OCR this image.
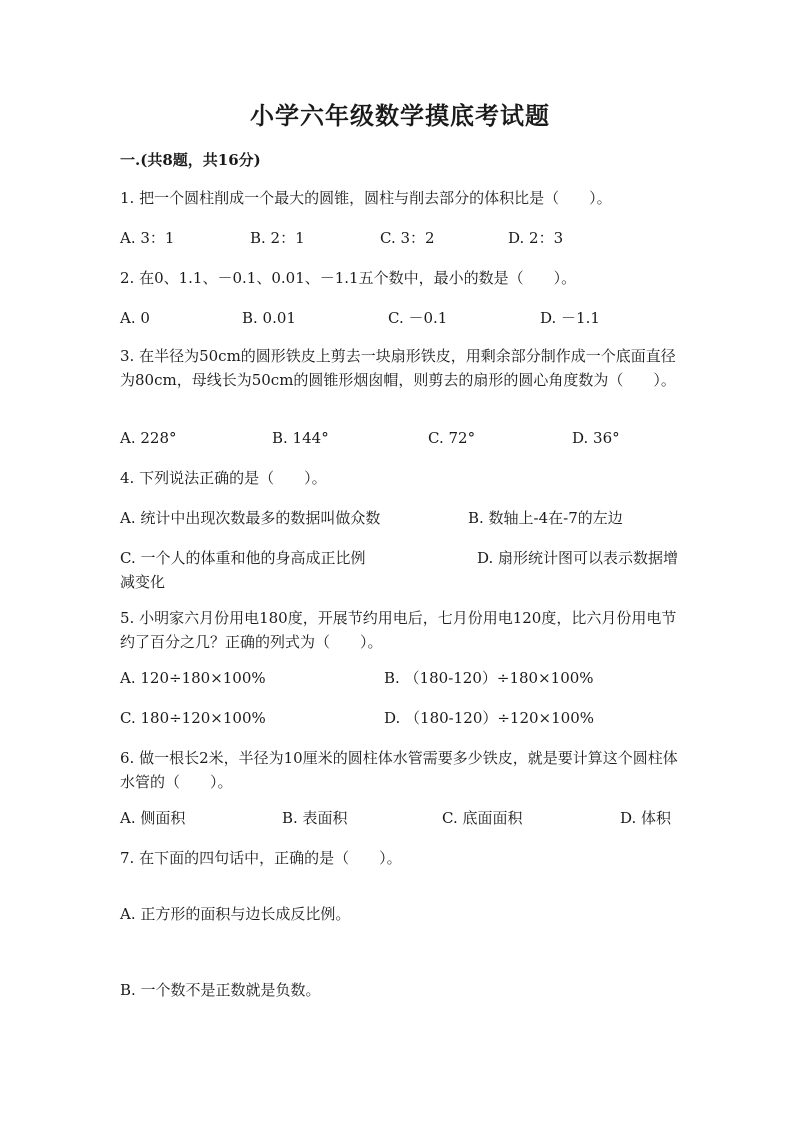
小学六年级数学摸底考试题
一.(共8题，共16分)
1. 把一个圆柱削成一个最大的圆锥，圆柱与削去部分的体积比是（　　）。
A. 3：1	B. 2：1	C. 3：2	D. 2：3
2. 在0、1.1、－0.1、0.01、－1.1五个数中，最小的数是（　　）。
A. 0	B. 0.01	C. －0.1	D. －1.1
3. 在半径为50cm的圆形铁皮上剪去一块扇形铁皮，用剩余部分制作成一个底面直径为80cm，母线长为50cm的圆锥形烟囱帽，则剪去的扇形的圆心角度数为（　　）。
A. 228°	B. 144°	C. 72°	D. 36°
4. 下列说法正确的是（　　）。
A. 统计中出现次数最多的数据叫做众数	B. 数轴上-4在-7的左边
C. 一个人的体重和他的身高成正比例	D. 扇形统计图可以表示数据增减变化
5. 小明家六月份用电180度，开展节约用电后，七月份用电120度，比六月份用电节约了百分之几？正确的列式为（　　）。
A. 120÷180×100%	B. （180-120）÷180×100%
C. 180÷120×100%	D. （180-120）÷120×100%
6. 做一根长2米，半径为10厘米的圆柱体水管需要多少铁皮，就是要计算这个圆柱体水管的（　　）。
A. 侧面积	B. 表面积	C. 底面面积	D. 体积
7. 在下面的四句话中，正确的是（　　）。
A. 正方形的面积与边长成反比例。
B. 一个数不是正数就是负数。
